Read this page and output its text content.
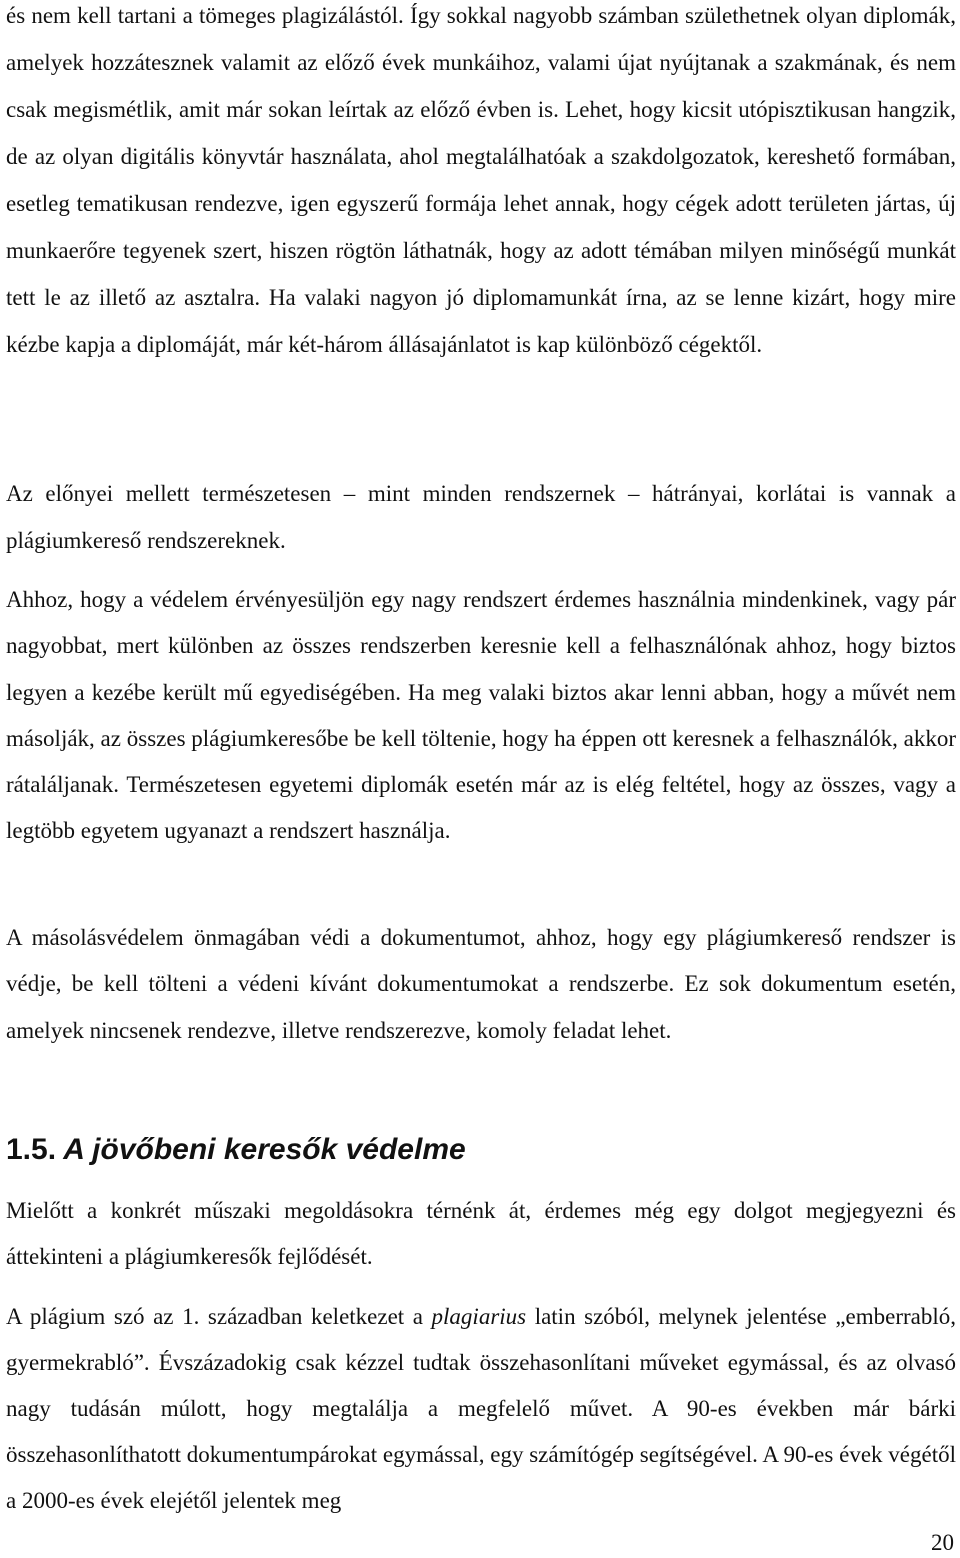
és nem kell tartani a tömeges plagizálástól. Így sokkal nagyobb számban születhetnek olyan diplomák, amelyek hozzátesznek valamit az előző évek munkáihoz, valami újat nyújtanak a szakmának, és nem csak megismétlik, amit már sokan leírtak az előző évben is. Lehet, hogy kicsit utópisztikusan hangzik, de az olyan digitális könyvtár használata, ahol megtalálhatóak a szakdolgozatok, kereshető formában, esetleg tematikusan rendezve, igen egyszerű formája lehet annak, hogy cégek adott területen jártas, új munkaerőre tegyenek szert, hiszen rögtön láthatnák, hogy az adott témában milyen minőségű munkát tett le az illető az asztalra. Ha valaki nagyon jó diplomamunkát írna, az se lenne kizárt, hogy mire kézbe kapja a diplomáját, már két-három állásajánlatot is kap különböző cégektől.

Az előnyei mellett természetesen – mint minden rendszernek – hátrányai, korlátai is vannak a plágiumkereső rendszereknek.

Ahhoz, hogy a védelem érvényesüljön egy nagy rendszert érdemes használnia mindenkinek, vagy pár nagyobbat, mert különben az összes rendszerben keresnie kell a felhasználónak ahhoz, hogy biztos legyen a kezébe került mű egyediségében. Ha meg valaki biztos akar lenni abban, hogy a művét nem másolják, az összes plágiumkeresőbe be kell töltenie, hogy ha éppen ott keresnek a felhasználók, akkor rátaláljanak. Természetesen egyetemi diplomák esetén már az is elég feltétel, hogy az összes, vagy a legtöbb egyetem ugyanazt a rendszert használja.

A másolásvédelem önmagában védi a dokumentumot, ahhoz, hogy egy plágiumkereső rendszer is védje, be kell tölteni a védeni kívánt dokumentumokat a rendszerbe. Ez sok dokumentum esetén, amelyek nincsenek rendezve, illetve rendszerezve, komoly feladat lehet.

1.5. A jövőbeni keresők védelme

Mielőtt a konkrét műszaki megoldásokra térnénk át, érdemes még egy dolgot megjegyezni és áttekinteni a plágiumkeresők fejlődését.

A plágium szó az 1. században keletkezet a plagiarius latin szóból, melynek jelentése „emberrabló, gyermekrabló”. Évszázadokig csak kézzel tudtak összehasonlítani műveket egymással, és az olvasó nagy tudásán múlott, hogy megtalálja a megfelelő művet. A 90-es években már bárki összehasonlíthatott dokumentumpárokat egymással, egy számítógép segítségével. A 90-es évek végétől a 2000-es évek elejétől jelentek meg

20
